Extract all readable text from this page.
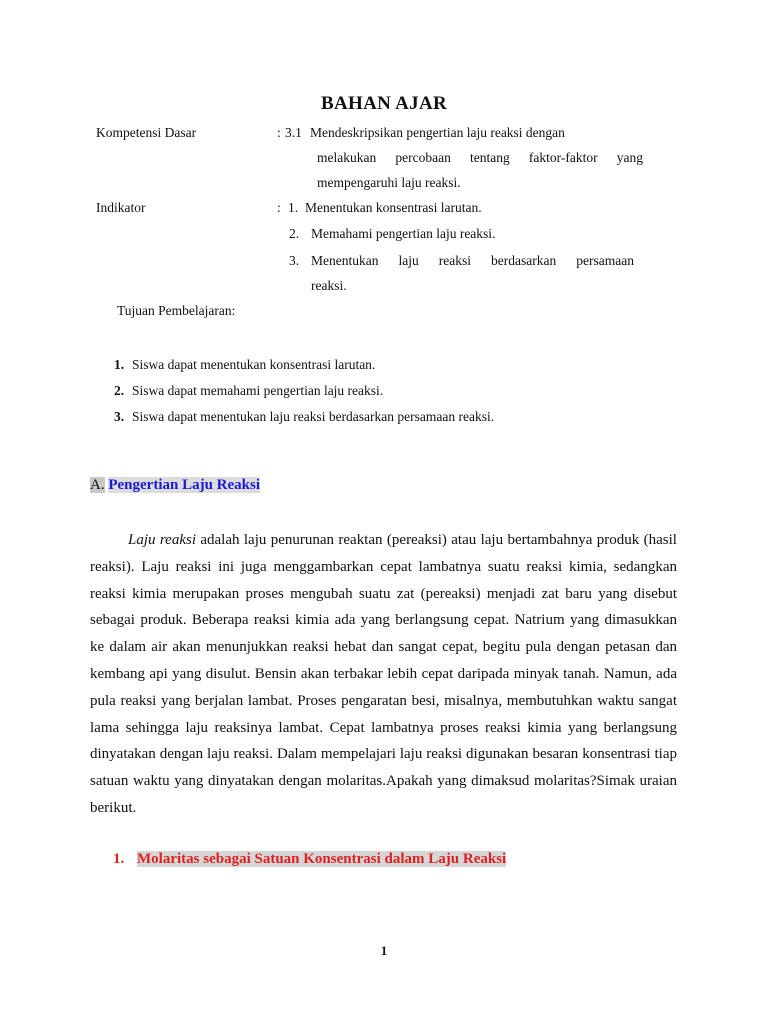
BAHAN AJAR
Kompetensi Dasar	: 3.1 Mendeskripsikan pengertian laju reaksi dengan
melakukan percobaan tentang faktor-faktor yang
mempengaruhi laju reaksi.
Indikator	: 1. Menentukan konsentrasi larutan.
2. Memahami pengertian laju reaksi.
3. Menentukan laju reaksi berdasarkan persamaan
reaksi.
Tujuan Pembelajaran:
1. Siswa dapat menentukan konsentrasi larutan.
2. Siswa dapat memahami pengertian laju reaksi.
3. Siswa dapat menentukan laju reaksi berdasarkan persamaan reaksi.
A. Pengertian Laju Reaksi

Laju reaksi adalah laju penurunan reaktan (pereaksi) atau laju bertambahnya produk (hasil reaksi). Laju reaksi ini juga menggambarkan cepat lambatnya suatu reaksi kimia, sedangkan reaksi kimia merupakan proses mengubah suatu zat (pereaksi) menjadi zat baru yang disebut sebagai produk. Beberapa reaksi kimia ada yang berlangsung cepat. Natrium yang dimasukkan ke dalam air akan menunjukkan reaksi hebat dan sangat cepat, begitu pula dengan petasan dan kembang api yang disulut. Bensin akan terbakar lebih cepat daripada minyak tanah. Namun, ada pula reaksi yang berjalan lambat. Proses pengaratan besi, misalnya, membutuhkan waktu sangat lama sehingga laju reaksinya lambat. Cepat lambatnya proses reaksi kimia yang berlangsung dinyatakan dengan laju reaksi. Dalam mempelajari laju reaksi digunakan besaran konsentrasi tiap satuan waktu yang dinyatakan dengan molaritas.Apakah yang dimaksud molaritas?Simak uraian berikut.

1. Molaritas sebagai Satuan Konsentrasi dalam Laju Reaksi
1
